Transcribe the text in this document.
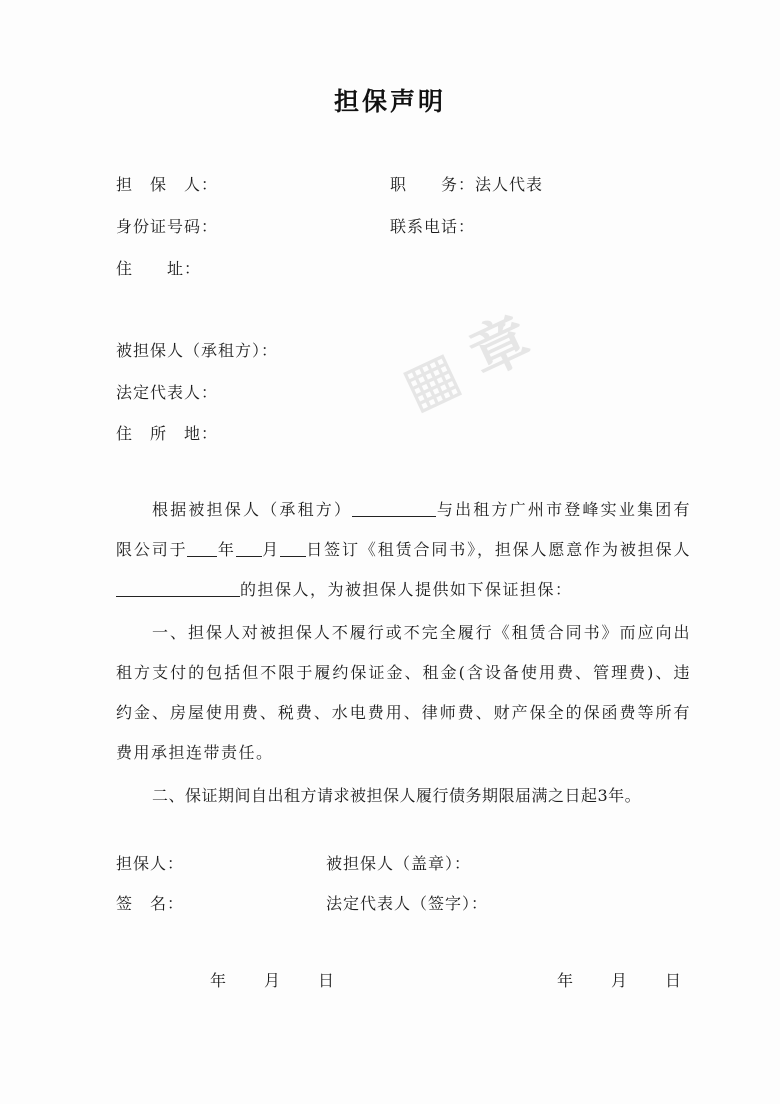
▦ 章
担保声明
担　保　人：	职　　务：法人代表
身份证号码：	联系电话：
住　　址：
被担保人（承租方）：
法定代表人：
住　所　地：
根据被担保人（承租方）	与出租方广州市登峰实业集团有限公司于 年 月 日签订《租赁合同书》，担保人愿意作为被担保人的担保人，为被担保人提供如下保证担保：
一、担保人对被担保人不履行或不完全履行《租赁合同书》而应向出租方支付的包括但不限于履约保证金、租金(含设备使用费、管理费)、违约金、房屋使用费、税费、水电费用、律师费、财产保全的保函费等所有费用承担连带责任。
二、保证期间自出租方请求被担保人履行债务期限届满之日起3年。
担保人：	被担保人（盖章）：
签　名：	法定代表人（签字）：
年　　月　　日	年　　月　　日
